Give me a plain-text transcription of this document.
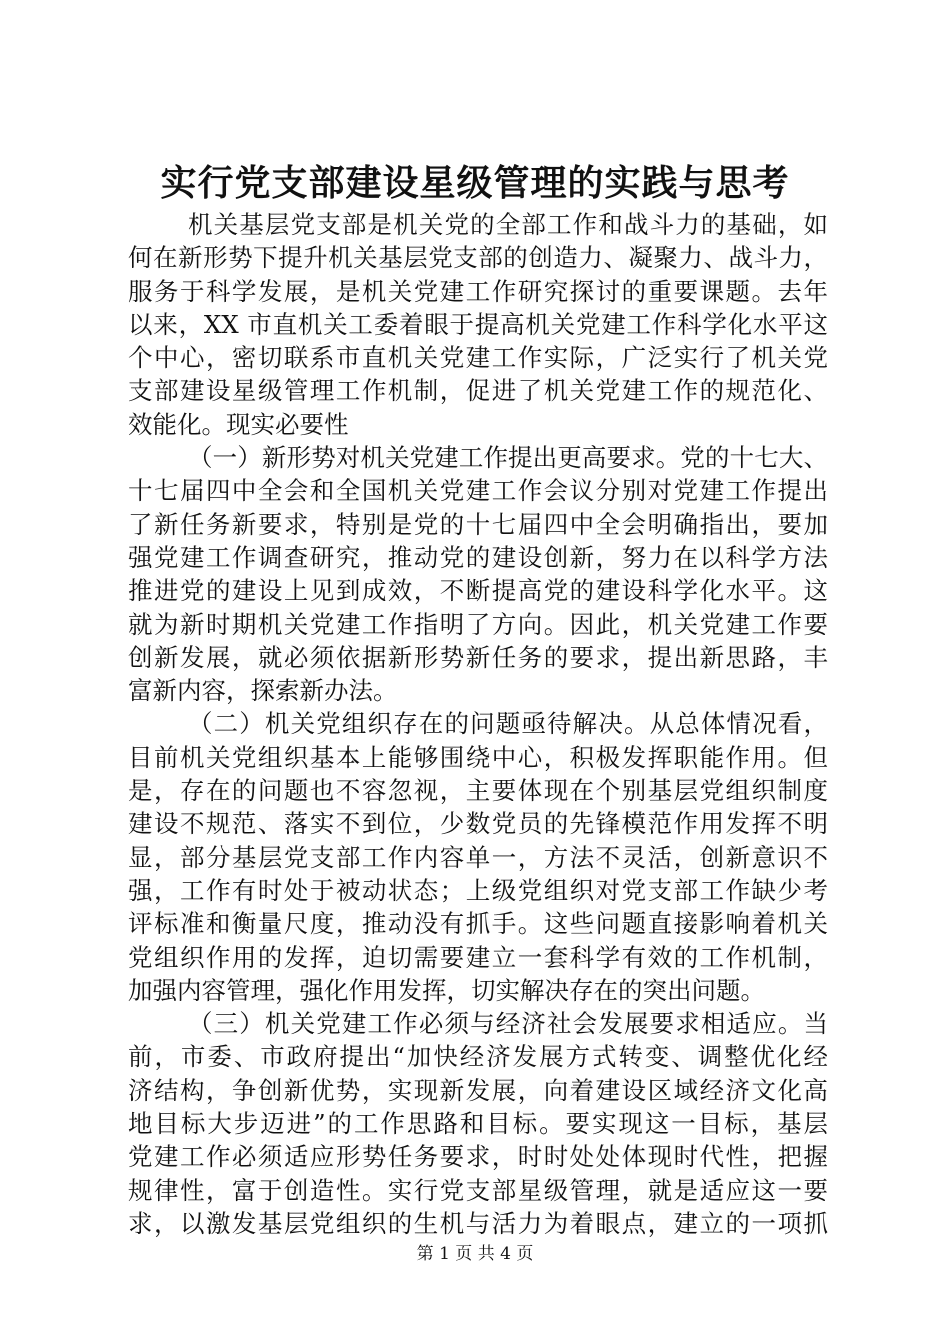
实行党支部建设星级管理的实践与思考
机关基层党支部是机关党的全部工作和战斗力的基础，如
何在新形势下提升机关基层党支部的创造力、凝聚力、战斗力，
服务于科学发展，是机关党建工作研究探讨的重要课题。去年
以来，XX 市直机关工委着眼于提高机关党建工作科学化水平这
个中心，密切联系市直机关党建工作实际，广泛实行了机关党
支部建设星级管理工作机制，促进了机关党建工作的规范化、
效能化。现实必要性
（一）新形势对机关党建工作提出更高要求。党的十七大、
十七届四中全会和全国机关党建工作会议分别对党建工作提出
了新任务新要求，特别是党的十七届四中全会明确指出，要加
强党建工作调查研究，推动党的建设创新，努力在以科学方法
推进党的建设上见到成效，不断提高党的建设科学化水平。这
就为新时期机关党建工作指明了方向。因此，机关党建工作要
创新发展，就必须依据新形势新任务的要求，提出新思路，丰
富新内容，探索新办法。
（二）机关党组织存在的问题亟待解决。从总体情况看，
目前机关党组织基本上能够围绕中心，积极发挥职能作用。但
是，存在的问题也不容忽视，主要体现在个别基层党组织制度
建设不规范、落实不到位，少数党员的先锋模范作用发挥不明
显，部分基层党支部工作内容单一，方法不灵活，创新意识不
强，工作有时处于被动状态；上级党组织对党支部工作缺少考
评标准和衡量尺度，推动没有抓手。这些问题直接影响着机关
党组织作用的发挥，迫切需要建立一套科学有效的工作机制，
加强内容管理，强化作用发挥，切实解决存在的突出问题。
（三）机关党建工作必须与经济社会发展要求相适应。当
前，市委、市政府提出“加快经济发展方式转变、调整优化经
济结构，争创新优势，实现新发展，向着建设区域经济文化高
地目标大步迈进”的工作思路和目标。要实现这一目标，基层
党建工作必须适应形势任务要求，时时处处体现时代性，把握
规律性，富于创造性。实行党支部星级管理，就是适应这一要
求，以激发基层党组织的生机与活力为着眼点，建立的一项抓
第 1 页 共 4 页
